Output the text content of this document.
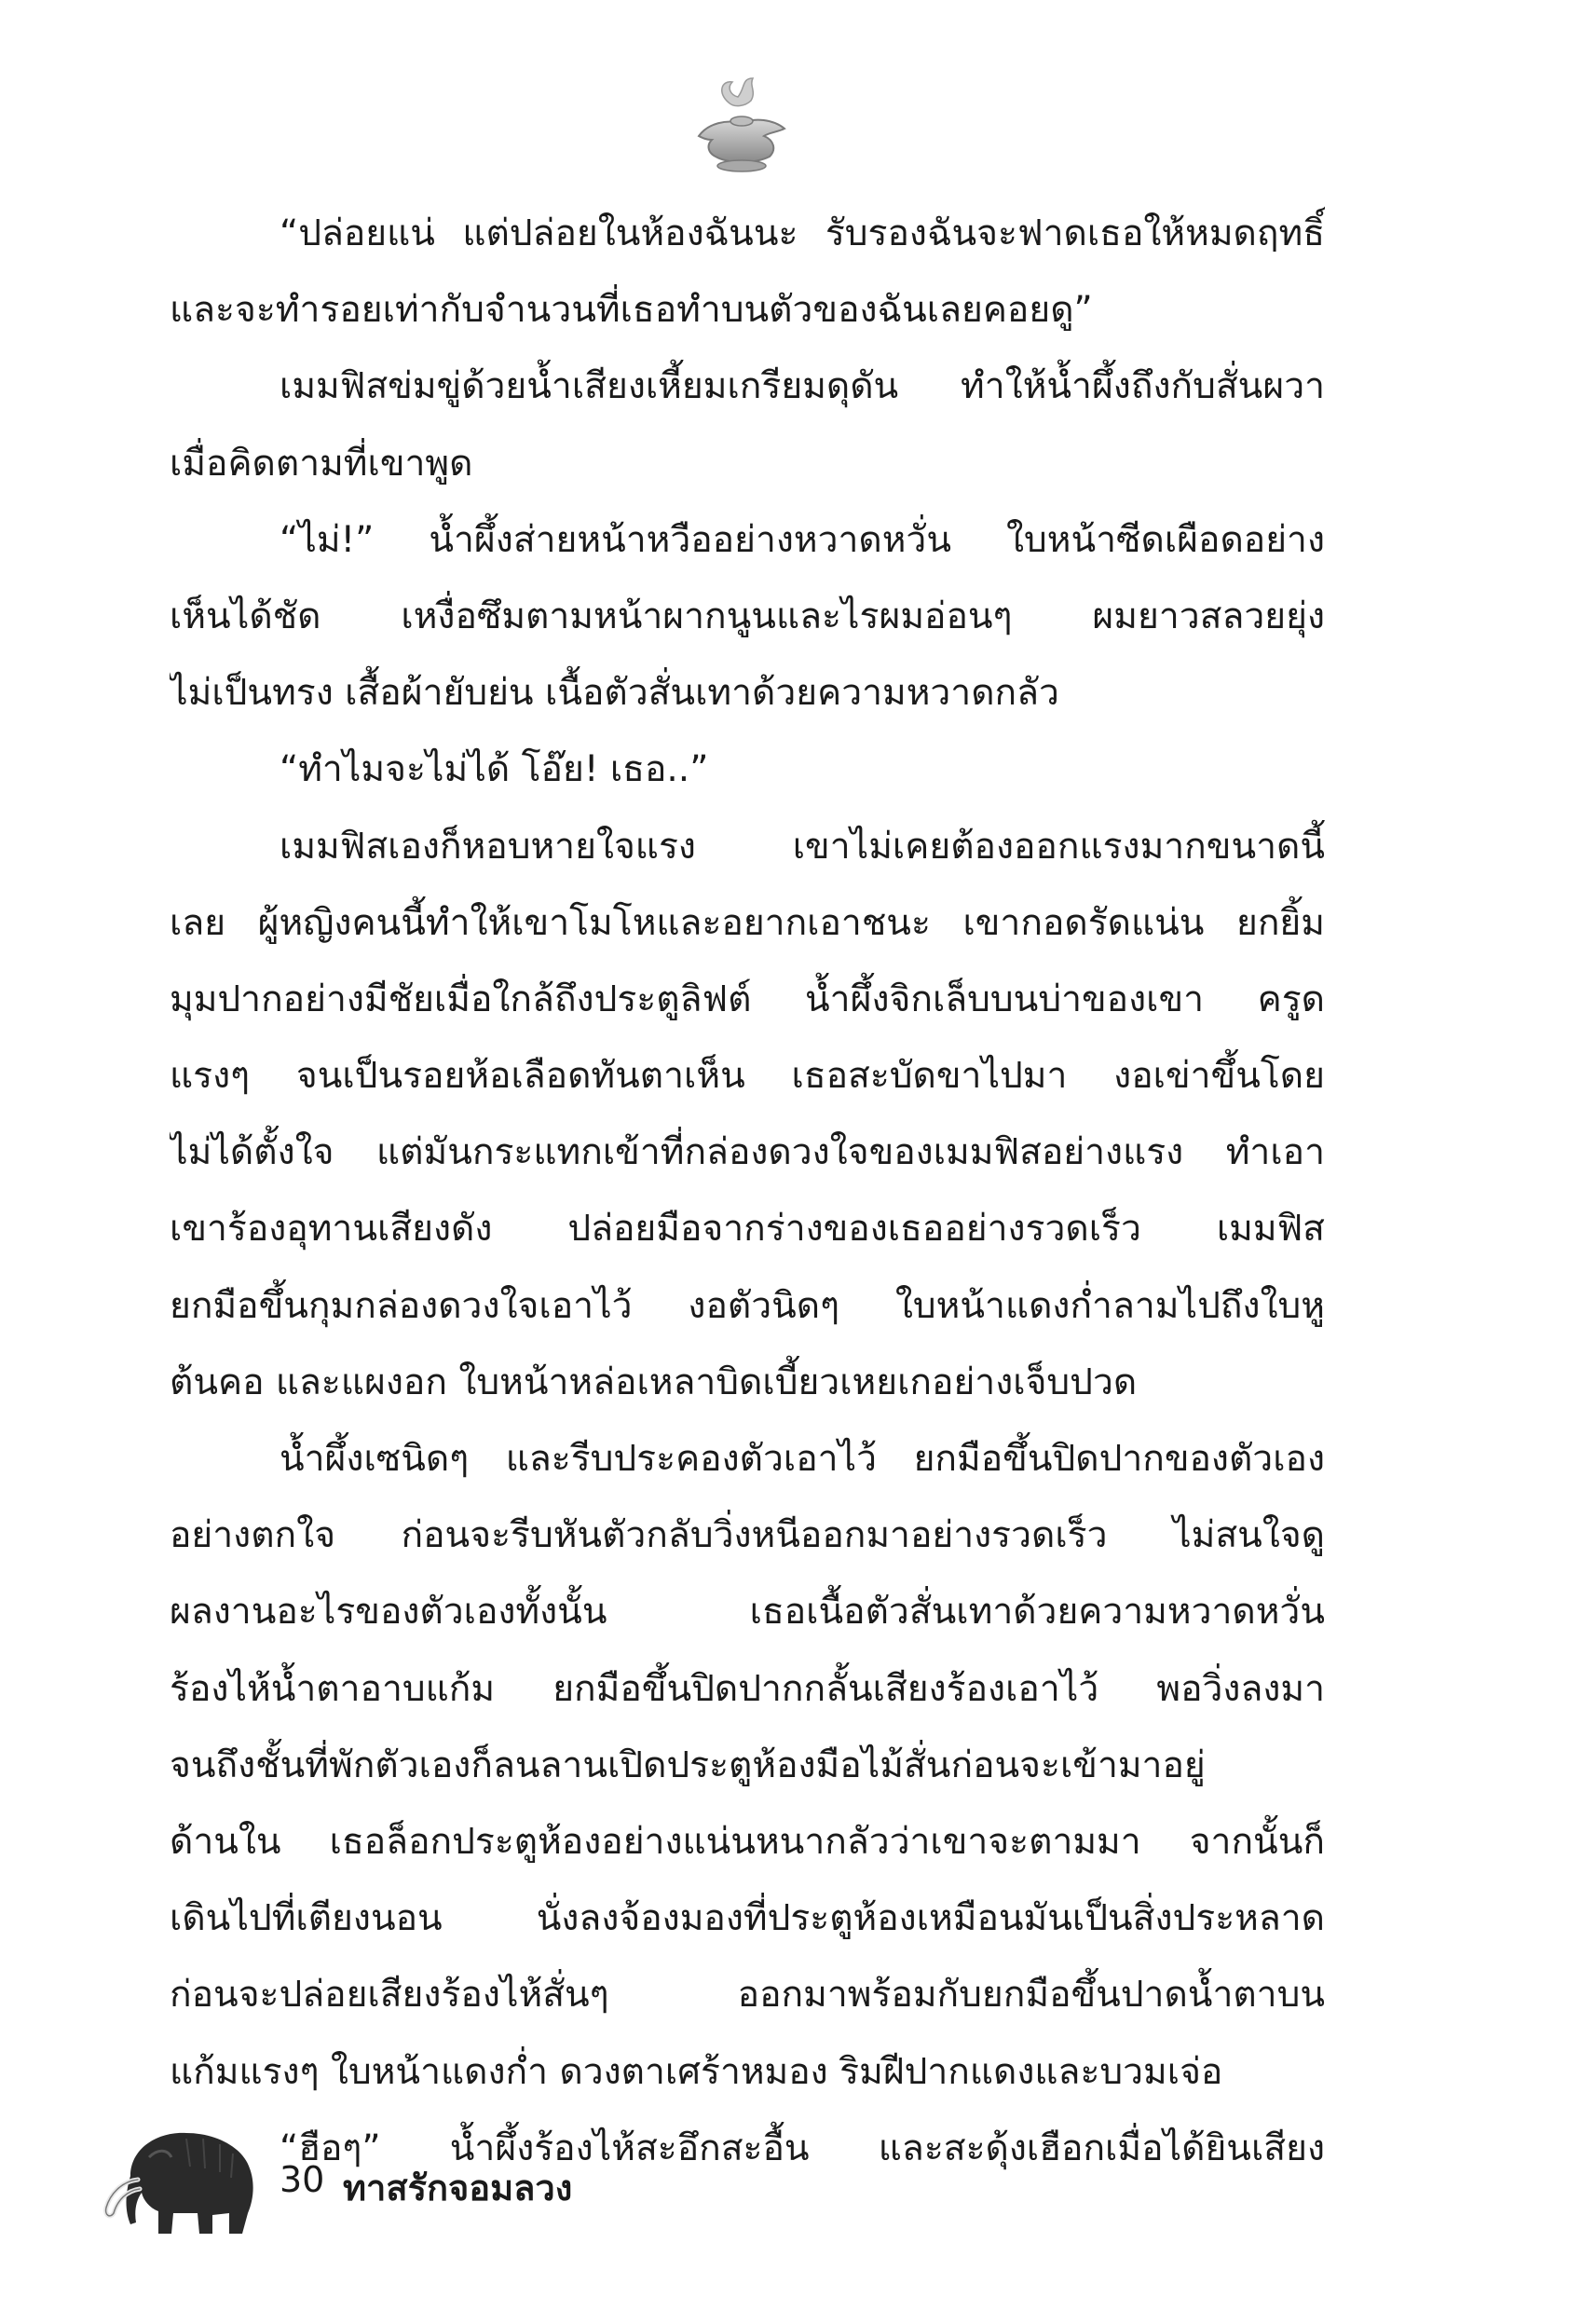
“ปล่อยแน่ แต่ปล่อยในห้องฉันนะ รับรองฉันจะฟาดเธอให้หมดฤทธิ์
และจะทำรอยเท่ากับจำนวนที่เธอทำบนตัวของฉันเลยคอยดู”
เมมฟิสข่มขู่ด้วยน้ำเสียงเหี้ยมเกรียมดุดัน ทำให้น้ำผึ้งถึงกับสั่นผวา
เมื่อคิดตามที่เขาพูด
“ไม่!” น้ำผึ้งส่ายหน้าหวืออย่างหวาดหวั่น ใบหน้าซีดเผือดอย่าง
เห็นได้ชัด เหงื่อซึมตามหน้าผากนูนและไรผมอ่อนๆ ผมยาวสลวยยุ่ง
ไม่เป็นทรง เสื้อผ้ายับย่น เนื้อตัวสั่นเทาด้วยความหวาดกลัว
“ทำไมจะไม่ได้ โอ๊ย! เธอ..”
เมมฟิสเองก็หอบหายใจแรง เขาไม่เคยต้องออกแรงมากขนาดนี้
เลย ผู้หญิงคนนี้ทำให้เขาโมโหและอยากเอาชนะ เขากอดรัดแน่น ยกยิ้ม
มุมปากอย่างมีชัยเมื่อใกล้ถึงประตูลิฟต์ น้ำผึ้งจิกเล็บบนบ่าของเขา ครูด
แรงๆ จนเป็นรอยห้อเลือดทันตาเห็น เธอสะบัดขาไปมา งอเข่าขึ้นโดย
ไม่ได้ตั้งใจ แต่มันกระแทกเข้าที่กล่องดวงใจของเมมฟิสอย่างแรง ทำเอา
เขาร้องอุทานเสียงดัง ปล่อยมือจากร่างของเธออย่างรวดเร็ว เมมฟิส
ยกมือขึ้นกุมกล่องดวงใจเอาไว้ งอตัวนิดๆ ใบหน้าแดงก่ำลามไปถึงใบหู
ต้นคอ และแผงอก ใบหน้าหล่อเหลาบิดเบี้ยวเหยเกอย่างเจ็บปวด
น้ำผึ้งเซนิดๆ และรีบประคองตัวเอาไว้ ยกมือขึ้นปิดปากของตัวเอง
อย่างตกใจ ก่อนจะรีบหันตัวกลับวิ่งหนีออกมาอย่างรวดเร็ว ไม่สนใจดู
ผลงานอะไรของตัวเองทั้งนั้น เธอเนื้อตัวสั่นเทาด้วยความหวาดหวั่น
ร้องไห้น้ำตาอาบแก้ม ยกมือขึ้นปิดปากกลั้นเสียงร้องเอาไว้ พอวิ่งลงมา
จนถึงชั้นที่พักตัวเองก็ลนลานเปิดประตูห้องมือไม้สั่นก่อนจะเข้ามาอยู่
ด้านใน เธอล็อกประตูห้องอย่างแน่นหนากลัวว่าเขาจะตามมา จากนั้นก็
เดินไปที่เตียงนอน นั่งลงจ้องมองที่ประตูห้องเหมือนมันเป็นสิ่งประหลาด
ก่อนจะปล่อยเสียงร้องไห้สั่นๆ ออกมาพร้อมกับยกมือขึ้นปาดน้ำตาบน
แก้มแรงๆ ใบหน้าแดงก่ำ ดวงตาเศร้าหมอง ริมฝีปากแดงและบวมเจ่อ
“ฮือๆ” น้ำผึ้งร้องไห้สะอึกสะอื้น และสะดุ้งเฮือกเมื่อได้ยินเสียง
30 ทาสรักจอมลวง
